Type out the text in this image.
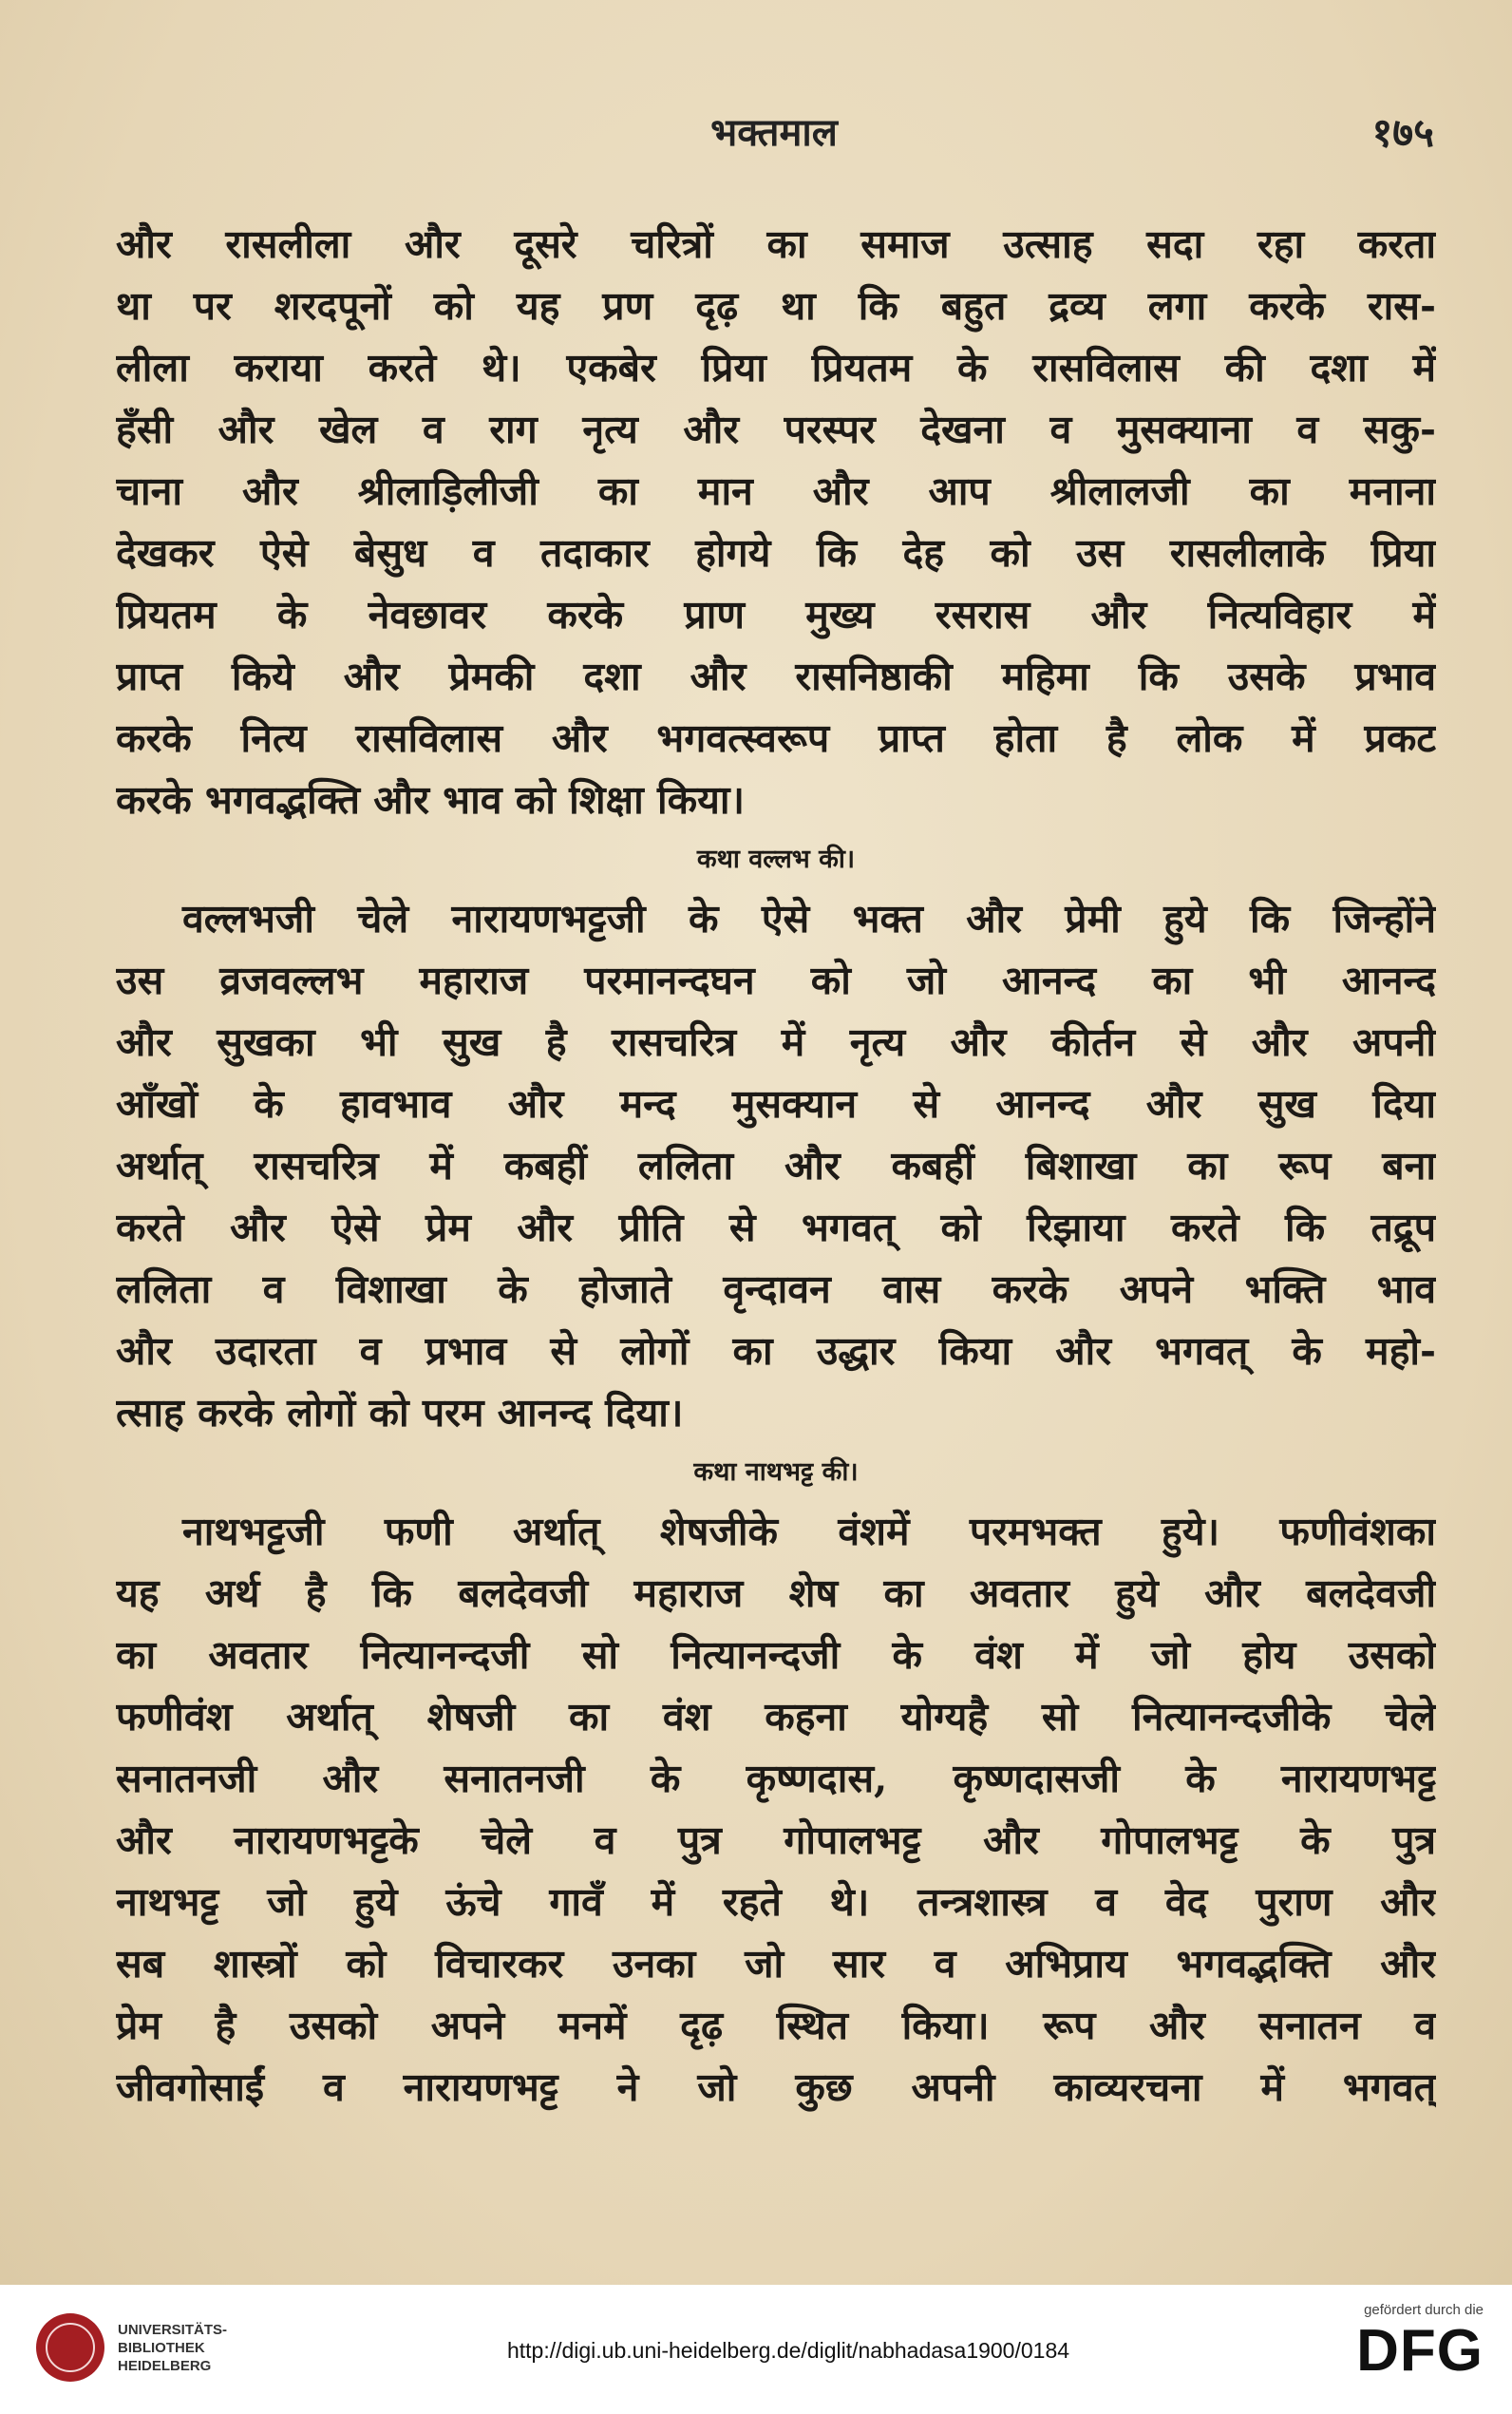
भक्तमाल	१७५
और रासलीला और दूसरे चरित्रों का समाज उत्साह सदा रहा करता
था पर शरदपूनों को यह प्रण दृढ़ था कि बहुत द्रव्य लगा करके रास-
लीला कराया करते थे। एकबेर प्रिया प्रियतम के रासविलास की दशा में
हँसी और खेल व राग नृत्य और परस्पर देखना व मुसक्याना व सकु-
चाना और श्रीलाड़िलीजी का मान और आप श्रीलालजी का मनाना
देखकर ऐसे बेसुध व तदाकार होगये कि देह को उस रासलीलाके प्रिया
प्रियतम के नेवछावर करके प्राण मुख्य रसरास और नित्यविहार में
प्राप्त किये और प्रेमकी दशा और रासनिष्ठाकी महिमा कि उसके प्रभाव
करके नित्य रासविलास और भगवत्स्वरूप प्राप्त होता है लोक में प्रकट
करके भगवद्भक्ति और भाव को शिक्षा किया।
कथा वल्लभ की।
वल्लभजी चेले नारायणभट्टजी के ऐसे भक्त और प्रेमी हुये कि जिन्होंने
उस व्रजवल्लभ महाराज परमानन्दघन को जो आनन्द का भी आनन्द
और सुखका भी सुख है रासचरित्र में नृत्य और कीर्तन से और अपनी
आँखों के हावभाव और मन्द मुसक्यान से आनन्द और सुख दिया
अर्थात् रासचरित्र में कबहीं ललिता और कबहीं बिशाखा का रूप बना
करते और ऐसे प्रेम और प्रीति से भगवत् को रिझाया करते कि तद्रूप
ललिता व विशाखा के होजाते वृन्दावन वास करके अपने भक्ति भाव
और उदारता व प्रभाव से लोगों का उद्धार किया और भगवत् के महो-
त्साह करके लोगों को परम आनन्द दिया।
कथा नाथभट्ट की।
नाथभट्टजी फणी अर्थात् शेषजीके वंशमें परमभक्त हुये। फणीवंशका
यह अर्थ है कि बलदेवजी महाराज शेष का अवतार हुये और बलदेवजी
का अवतार नित्यानन्दजी सो नित्यानन्दजी के वंश में जो होय उसको
फणीवंश अर्थात् शेषजी का वंश कहना योग्यहै सो नित्यानन्दजीके चेले
सनातनजी और सनातनजी के कृष्णदास, कृष्णदासजी के नारायणभट्ट
और नारायणभट्टके चेले व पुत्र गोपालभट्ट और गोपालभट्ट के पुत्र
नाथभट्ट जो हुये ऊंचे गावँ में रहते थे। तन्त्रशास्त्र व वेद पुराण और
सब शास्त्रों को विचारकर उनका जो सार व अभिप्राय भगवद्भक्ति और
प्रेम है उसको अपने मनमें दृढ़ स्थित किया। रूप और सनातन व
जीवगोसाईं व नारायणभट्ट ने जो कुछ अपनी काव्यरचना में भगवत्
UNIVERSITÄTS-
BIBLIOTHEK
HEIDELBERG
http://digi.ub.uni-heidelberg.de/diglit/nabhadasa1900/0184
gefördert durch die
DFG
